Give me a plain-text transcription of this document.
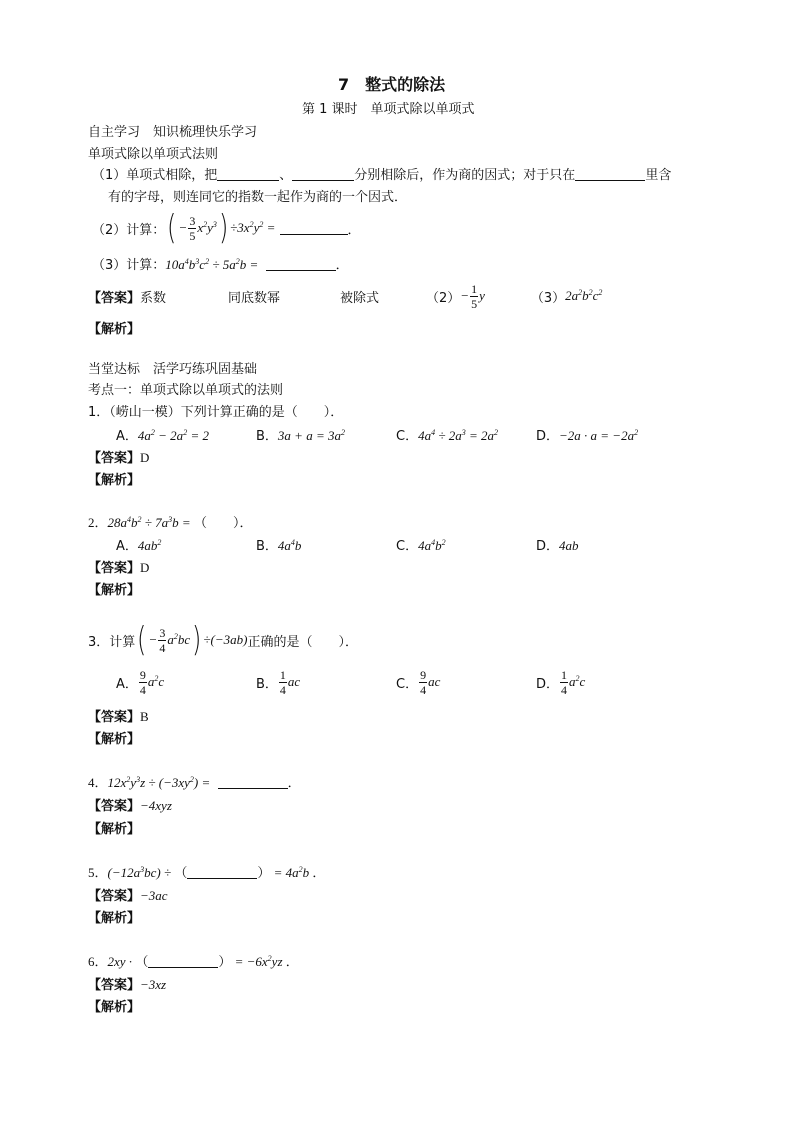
7　整式的除法
第 1 课时　单项式除以单项式
自主学习　知识梳理快乐学习
单项式除以单项式法则
（1）单项式相除，把	、	分别相除后，作为商的因式；对于只在	里含
有的字母，则连同它的指数一起作为商的一个因式．
（2）计算： ( − $\frac{3}{5} x^2y^3$ ) $\div 3x^2y^2$ =
	．
（3）计算：$10a^4b^3c^2 \div 5a^2b$ =	．
【答案】 系数	同底数幂	被除式	$(2) - \frac{1}{5}$ y	（3） $2a^2b^2c^2$
【解析】
当堂达标　活学巧练巩固基础
考点一：单项式除以单项式的法则
1．（崂山一模）下列计算正确的是（　　）．
A．$4a^2 - 2a^2 = 2$	B．$3a + a = 3a^2$	C．$4a^4 \div 2a^3 = 2a^2$	D．$-2a \cdot a = -2a^2$
【答案】D
【解析】
2．$28a^4b^2 \div 7a^3b$ = （　　）．
A．$4ab^2$	B．$4a^4b$	C．$4a^4b^2$	D．4ab
【答案】D
【解析】
3．计算 ( − $\frac{3}{4} a^2bc$ ) ÷(−3ab) 正确的是（　　）．
A． $\frac{9}{4} a^2c$	B． $\frac{1}{4}$ ac	C． $\frac{9}{4}$ ac	D． $\frac{1}{4} a^2c$
【答案】B
【解析】
4．$12x^2y^3z \div (-3xy^2)$ =	．
【答案】−4xyz
【解析】
5．$(-12a^3bc)$ ÷ （	） = $4a^2b$ ．
【答案】−3ac
【解析】
6．2xy · （	） = $-6x^2yz$ ．
【答案】−3xz
【解析】
